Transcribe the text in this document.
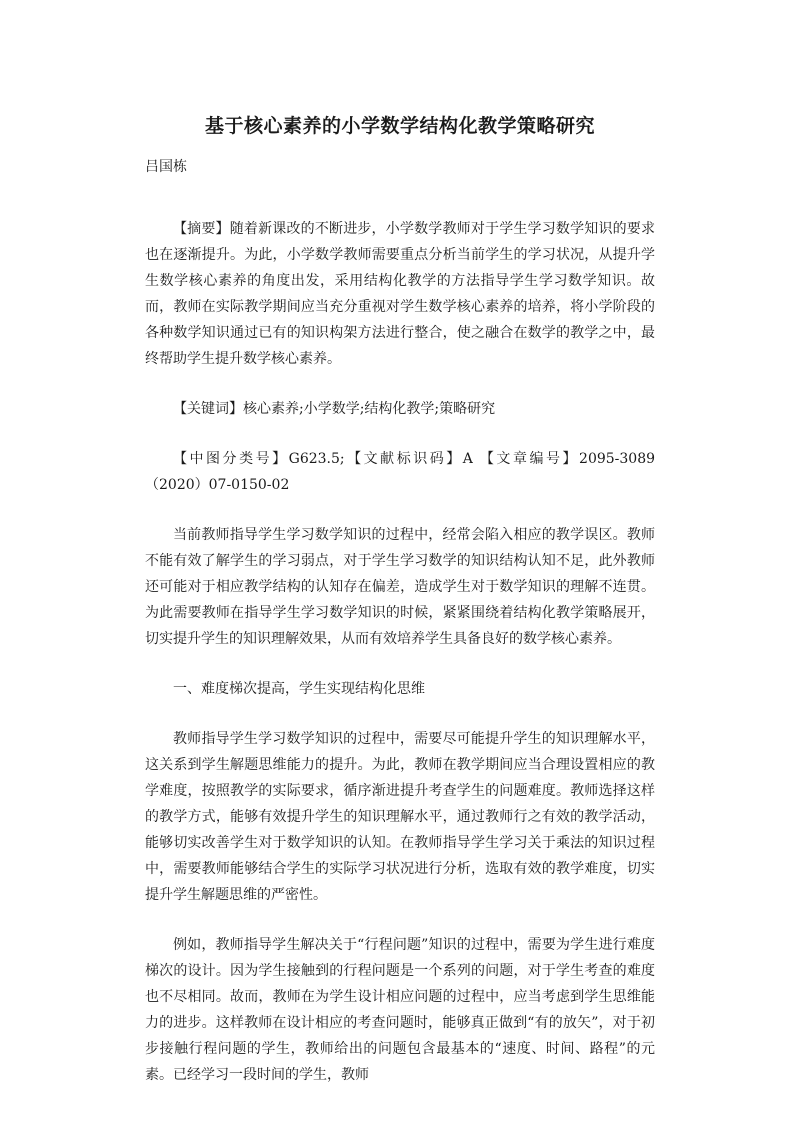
基于核心素养的小学数学结构化教学策略研究
吕国栋

【摘要】随着新课改的不断进步，小学数学教师对于学生学习数学知识的要求也在逐渐提升。为此，小学数学教师需要重点分析当前学生的学习状况，从提升学生数学核心素养的角度出发，采用结构化教学的方法指导学生学习数学知识。故而，教师在实际教学期间应当充分重视对学生数学核心素养的培养，将小学阶段的各种数学知识通过已有的知识构架方法进行整合，使之融合在数学的教学之中，最终帮助学生提升数学核心素养。

【关键词】核心素养;小学数学;结构化教学;策略研究

【中图分类号】G623.5;【文献标识码】A 【文章编号】2095-3089（2020）07-0150-02

当前教师指导学生学习数学知识的过程中，经常会陷入相应的教学误区。教师不能有效了解学生的学习弱点，对于学生学习数学的知识结构认知不足，此外教师还可能对于相应教学结构的认知存在偏差，造成学生对于数学知识的理解不连贯。为此需要教师在指导学生学习数学知识的时候，紧紧围绕着结构化教学策略展开，切实提升学生的知识理解效果，从而有效培养学生具备良好的数学核心素养。

一、难度梯次提高，学生实现结构化思维

教师指导学生学习数学知识的过程中，需要尽可能提升学生的知识理解水平，这关系到学生解题思维能力的提升。为此，教师在教学期间应当合理设置相应的教学难度，按照教学的实际要求，循序渐进提升考查学生的问题难度。教师选择这样的教学方式，能够有效提升学生的知识理解水平，通过教师行之有效的教学活动，能够切实改善学生对于数学知识的认知。在教师指导学生学习关于乘法的知识过程中，需要教师能够结合学生的实际学习状况进行分析，选取有效的教学难度，切实提升学生解题思维的严密性。

例如，教师指导学生解决关于“行程问题”知识的过程中，需要为学生进行难度梯次的设计。因为学生接触到的行程问题是一个系列的问题，对于学生考查的难度也不尽相同。故而，教师在为学生设计相应问题的过程中，应当考虑到学生思维能力的进步。这样教师在设计相应的考查问题时，能够真正做到“有的放矢”，对于初步接触行程问题的学生，教师给出的问题包含最基本的“速度、时间、路程”的元素。已经学习一段时间的学生，教师
